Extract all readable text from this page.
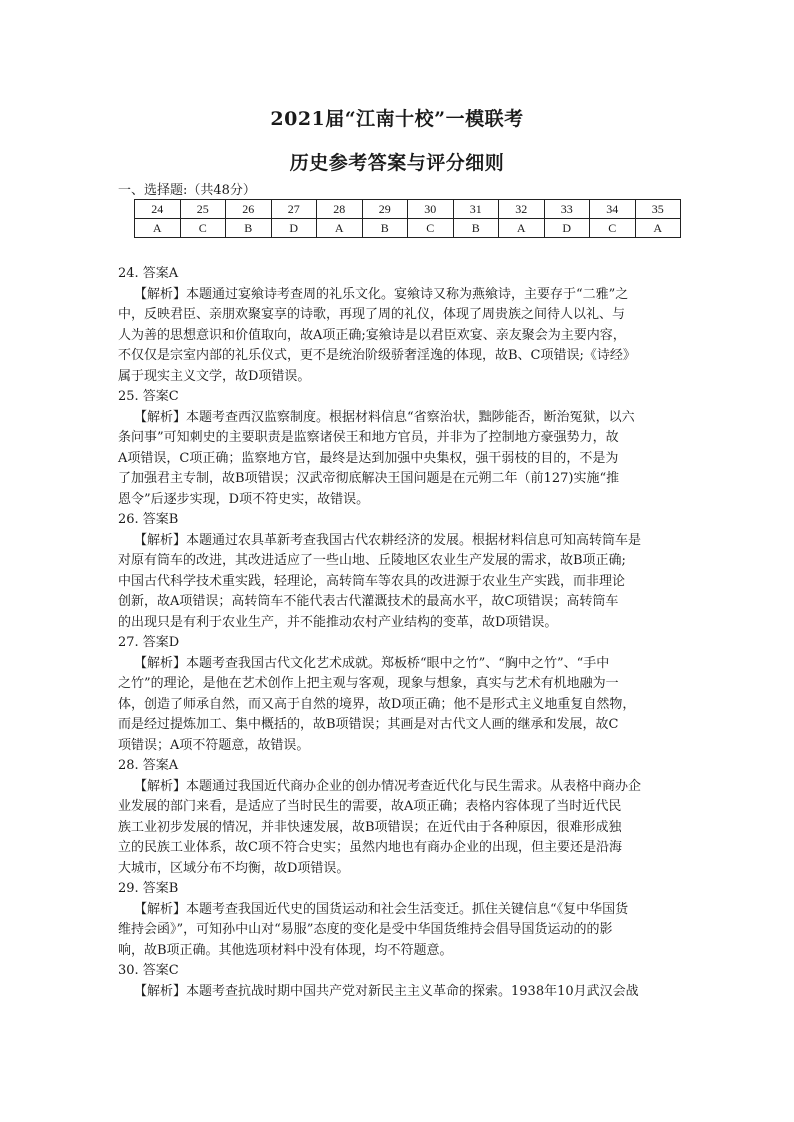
2021届“江南十校”一模联考
历史参考答案与评分细则
一、选择题:（共48分）
24	25	26	27	28	29	30	31	32	33	34	35
A	C	B	D	A	B	C	B	A	D	C	A
24. 答案A
【解析】本题通过宴飨诗考查周的礼乐文化。宴飨诗又称为燕飨诗，主要存于“二雅”之
中，反映君臣、亲朋欢聚宴享的诗歌，再现了周的礼仪，体现了周贵族之间待人以礼、与
人为善的思想意识和价值取向，故A项正确;宴飨诗是以君臣欢宴、亲友聚会为主要内容，
不仅仅是宗室内部的礼乐仪式，更不是统治阶级骄奢淫逸的体现，故B、C项错误;《诗经》
属于现实主义文学，故D项错误。
25. 答案C
【解析】本题考查西汉监察制度。根据材料信息“省察治状，黜陟能否，断治冤狱，以六
条问事”可知刺史的主要职责是监察诸侯王和地方官员，并非为了控制地方豪强势力，故
A项错误，C项正确；监察地方官，最终是达到加强中央集权，强干弱枝的目的，不是为
了加强君主专制，故B项错误；汉武帝彻底解决王国问题是在元朔二年（前127)实施“推
恩令”后逐步实现，D项不符史实，故错误。
26. 答案B
【解析】本题通过农具革新考查我国古代农耕经济的发展。根据材料信息可知高转筒车是
对原有筒车的改进，其改进适应了一些山地、丘陵地区农业生产发展的需求，故B项正确;
中国古代科学技术重实践，轻理论，高转筒车等农具的改进源于农业生产实践，而非理论
创新，故A项错误；高转筒车不能代表古代灌溉技术的最高水平，故C项错误；高转筒车
的出现只是有利于农业生产，并不能推动农村产业结构的变革，故D项错误。
27. 答案D
【解析】本题考查我国古代文化艺术成就。郑板桥“眼中之竹”、“胸中之竹”、“手中
之竹”的理论，是他在艺术创作上把主观与客观，现象与想象，真实与艺术有机地融为一
体，创造了师承自然，而又高于自然的境界，故D项正确；他不是形式主义地重复自然物，
而是经过提炼加工、集中概括的，故B项错误；其画是对古代文人画的继承和发展，故C
项错误；A项不符题意，故错误。
28. 答案A
【解析】本题通过我国近代商办企业的创办情况考查近代化与民生需求。从表格中商办企
业发展的部门来看，是适应了当时民生的需要，故A项正确；表格内容体现了当时近代民
族工业初步发展的情况，并非快速发展，故B项错误；在近代由于各种原因，很难形成独
立的民族工业体系，故C项不符合史实；虽然内地也有商办企业的出现，但主要还是沿海
大城市，区域分布不均衡，故D项错误。
29. 答案B
【解析】本题考查我国近代史的国货运动和社会生活变迁。抓住关键信息“《复中华国货
维持会函》”，可知孙中山对“易服”态度的变化是受中华国货维持会倡导国货运动的的影
响，故B项正确。其他选项材料中没有体现，均不符题意。
30. 答案C
【解析】本题考查抗战时期中国共产党对新民主主义革命的探索。1938年10月武汉会战
